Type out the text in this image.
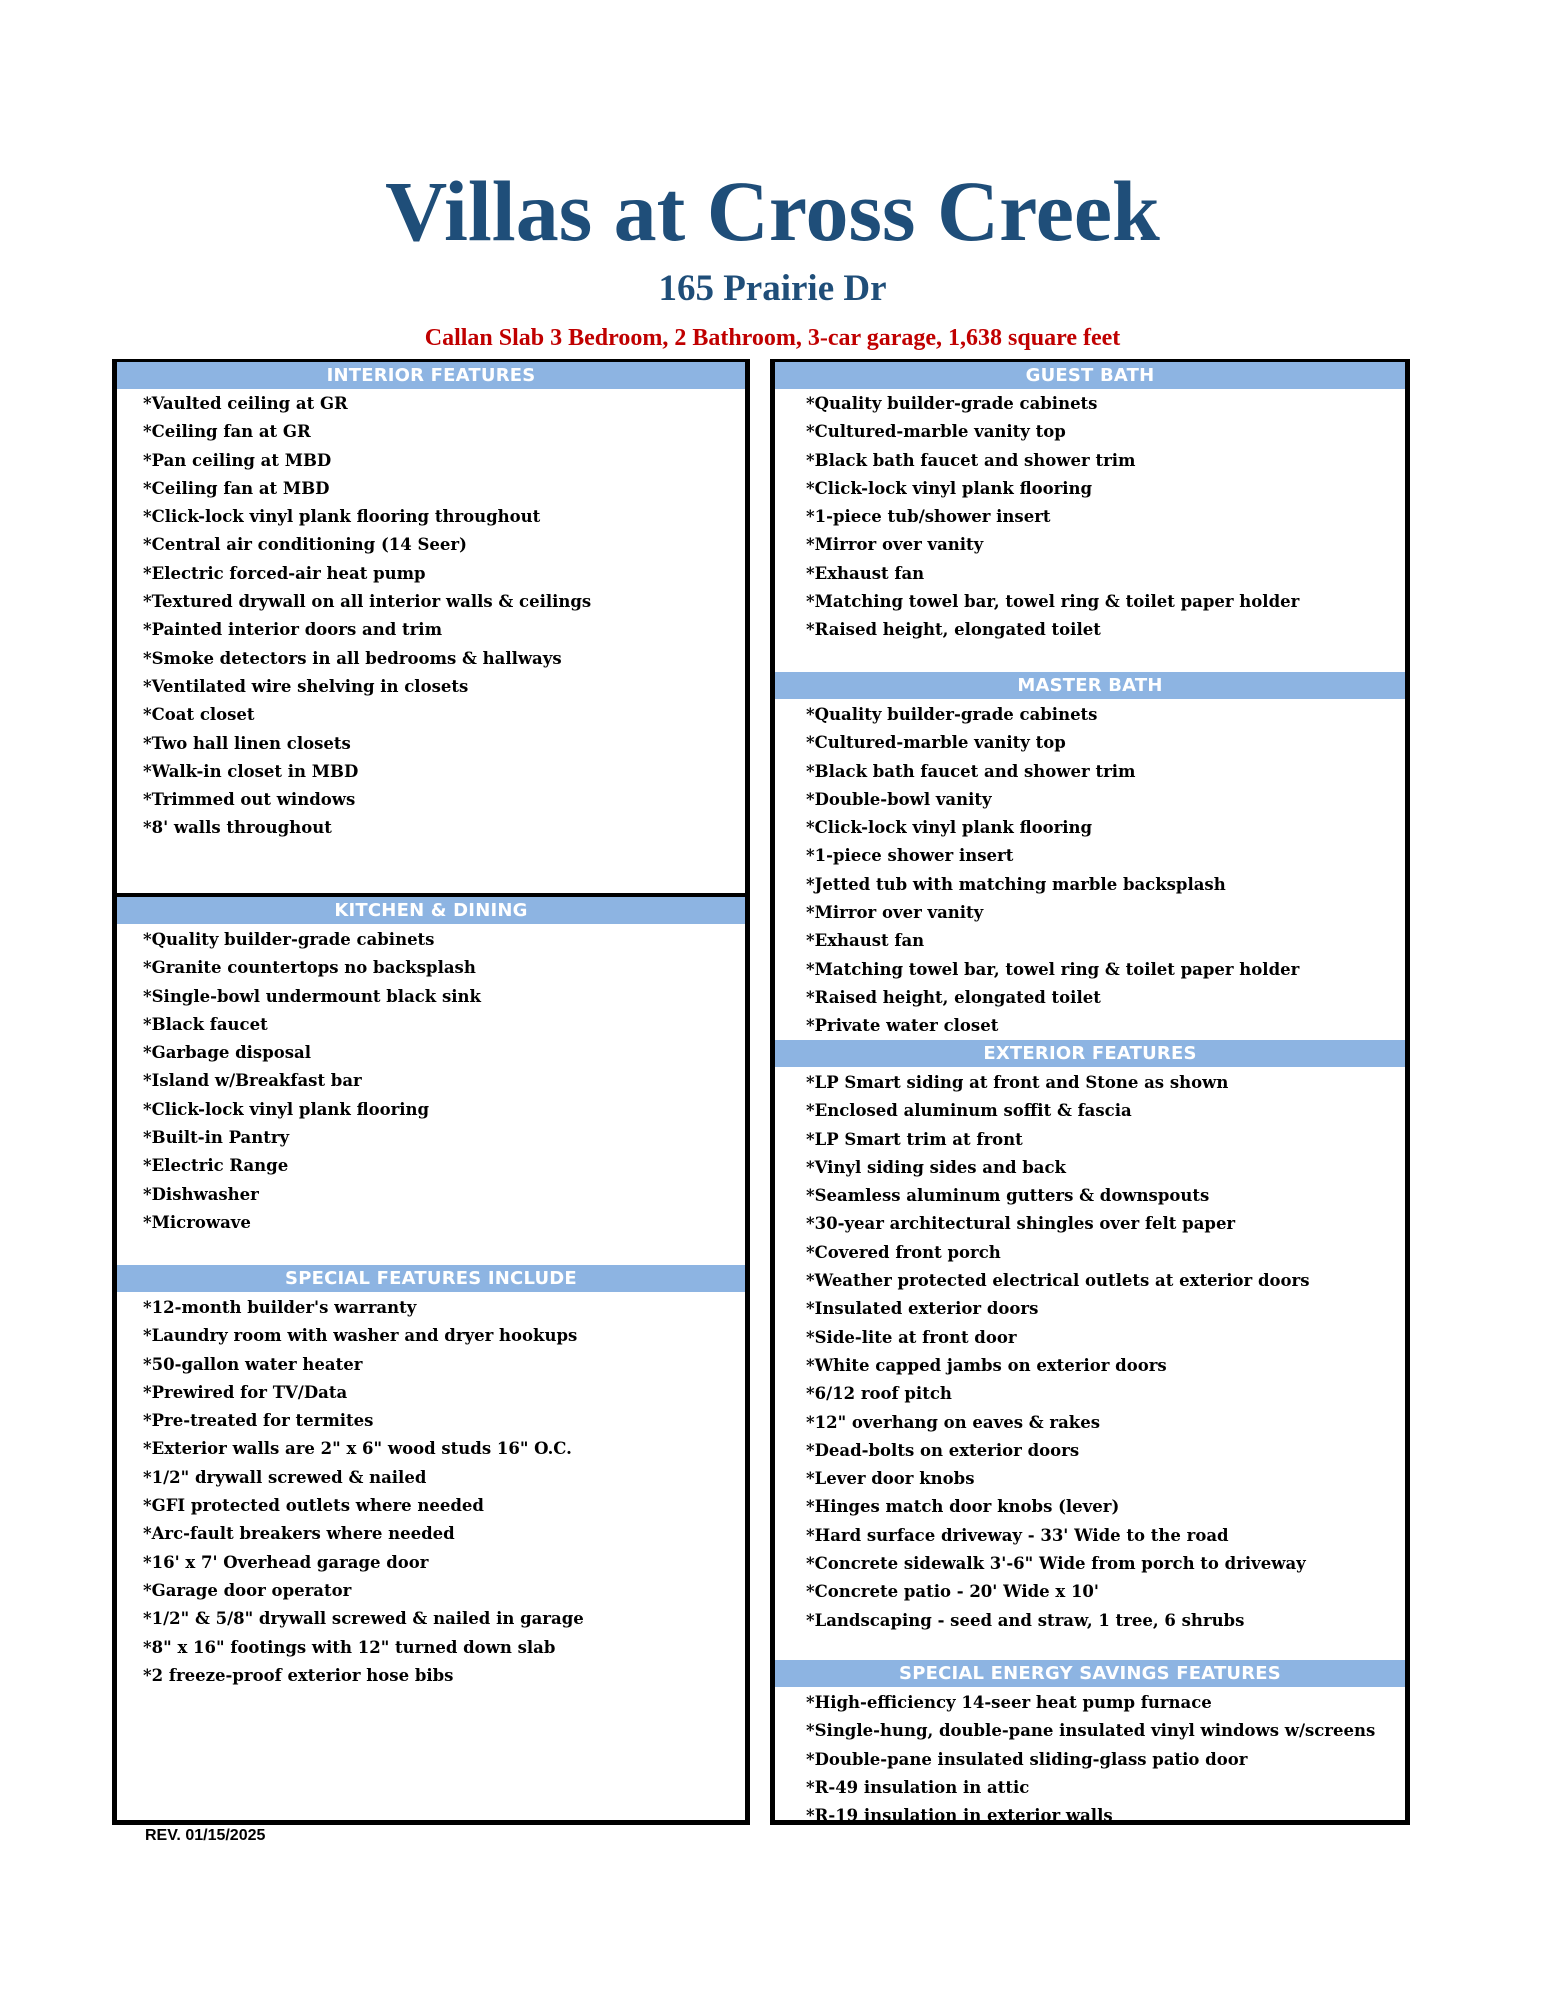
Villas at Cross Creek
165 Prairie Dr
Callan Slab 3 Bedroom, 2 Bathroom, 3-car garage, 1,638 square feet
INTERIOR FEATURES
*Vaulted ceiling at GR
*Ceiling fan at GR
*Pan ceiling at MBD
*Ceiling fan at MBD
*Click-lock vinyl plank flooring throughout
*Central air conditioning (14 Seer)
*Electric forced-air heat pump
*Textured drywall on all interior walls & ceilings
*Painted interior doors and trim
*Smoke detectors in all bedrooms & hallways
*Ventilated wire shelving in closets
*Coat closet
*Two hall linen closets
*Walk-in closet in MBD
*Trimmed out windows
*8' walls throughout
KITCHEN & DINING
*Quality builder-grade cabinets
*Granite countertops no backsplash
*Single-bowl undermount black sink
*Black faucet
*Garbage disposal
*Island w/Breakfast bar
*Click-lock vinyl plank flooring
*Built-in Pantry
*Electric Range
*Dishwasher
*Microwave
SPECIAL FEATURES INCLUDE
*12-month builder's warranty
*Laundry room with washer and dryer hookups
*50-gallon water heater
*Prewired for TV/Data
*Pre-treated for termites
*Exterior walls are 2" x 6" wood studs 16" O.C.
*1/2" drywall screwed & nailed
*GFI protected outlets where needed
*Arc-fault breakers where needed
*16' x 7' Overhead garage door
*Garage door operator
*1/2" & 5/8" drywall screwed & nailed in garage
*8" x 16" footings with 12" turned down slab
*2 freeze-proof exterior hose bibs
GUEST BATH
*Quality builder-grade cabinets
*Cultured-marble vanity top
*Black bath faucet and shower trim
*Click-lock vinyl plank flooring
*1-piece tub/shower insert
*Mirror over vanity
*Exhaust fan
*Matching towel bar, towel ring & toilet paper holder
*Raised height, elongated toilet
MASTER BATH
*Quality builder-grade cabinets
*Cultured-marble vanity top
*Black bath faucet and shower trim
*Double-bowl vanity
*Click-lock vinyl plank flooring
*1-piece shower insert
*Jetted tub with matching marble backsplash
*Mirror over vanity
*Exhaust fan
*Matching towel bar, towel ring & toilet paper holder
*Raised height, elongated toilet
*Private water closet
EXTERIOR FEATURES
*LP Smart siding at front and Stone as shown
*Enclosed aluminum soffit & fascia
*LP Smart trim at front
*Vinyl siding sides and back
*Seamless aluminum gutters & downspouts
*30-year architectural shingles over felt paper
*Covered front porch
*Weather protected electrical outlets at exterior doors
*Insulated exterior doors
*Side-lite at front door
*White capped jambs on exterior doors
*6/12 roof pitch
*12" overhang on eaves & rakes
*Dead-bolts on exterior doors
*Lever door knobs
*Hinges match door knobs (lever)
*Hard surface driveway - 33' Wide to the road
*Concrete sidewalk 3'-6" Wide from porch to driveway
*Concrete patio - 20' Wide x 10'
*Landscaping - seed and straw, 1 tree, 6 shrubs
SPECIAL ENERGY SAVINGS FEATURES
*High-efficiency 14-seer heat pump furnace
*Single-hung, double-pane insulated vinyl windows w/screens
*Double-pane insulated sliding-glass patio door
*R-49 insulation in attic
*R-19 insulation in exterior walls
REV. 01/15/2025
